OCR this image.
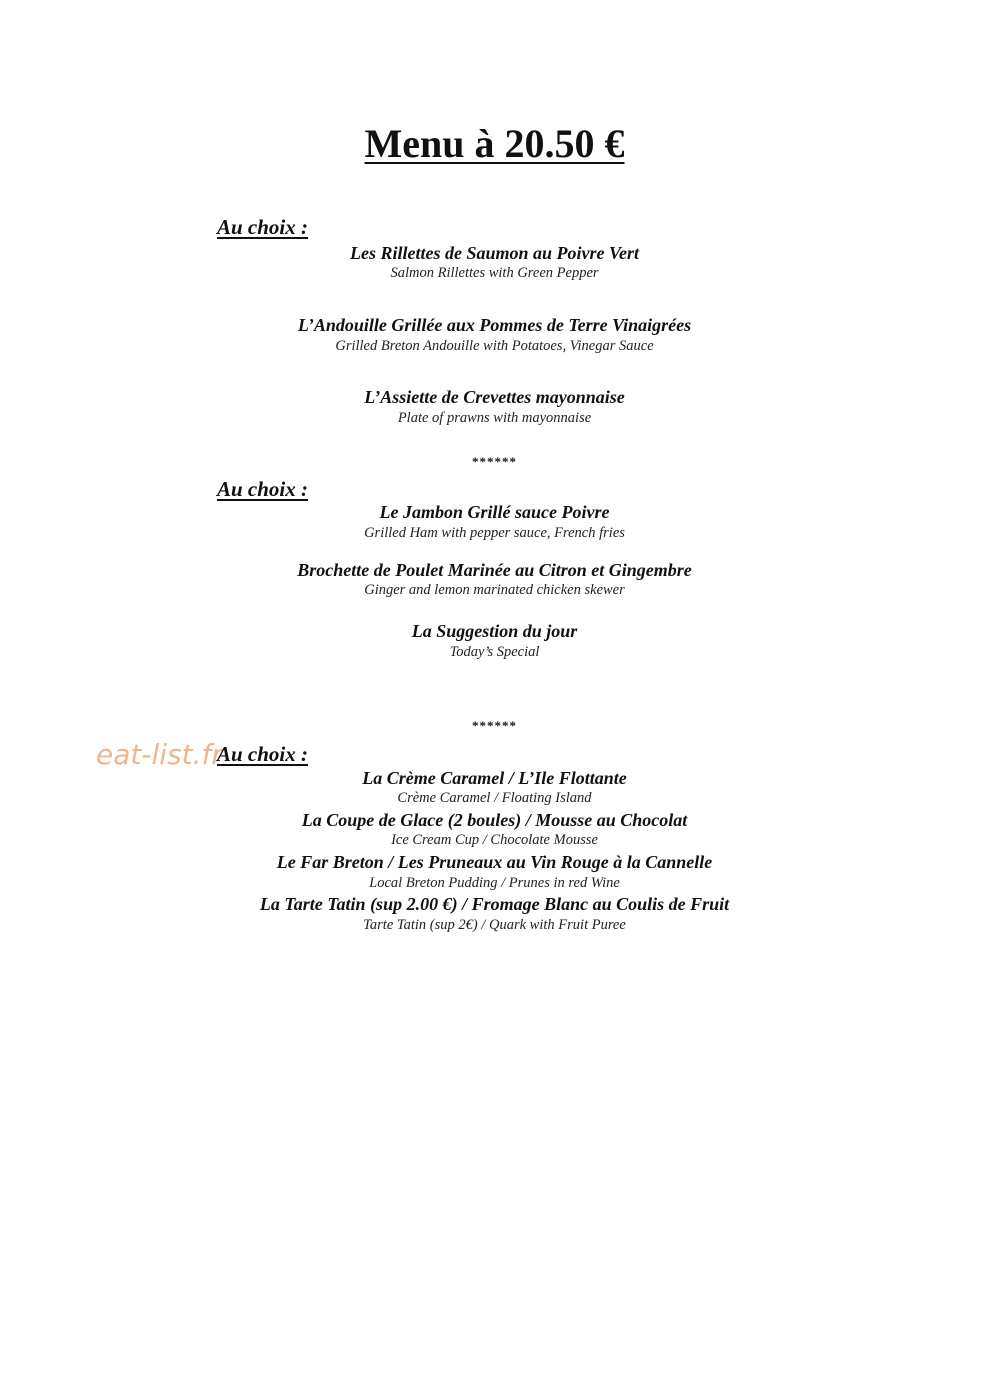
Menu à 20.50 €
Au choix :
Les Rillettes de Saumon au Poivre Vert
Salmon Rillettes with Green Pepper
L’Andouille Grillée aux Pommes de Terre Vinaigrées
Grilled Breton Andouille with Potatoes, Vinegar Sauce
L’Assiette de Crevettes mayonnaise
Plate of prawns with mayonnaise
******
Au choix :
Le Jambon Grillé sauce Poivre
Grilled Ham with pepper sauce, French fries
Brochette de Poulet Marinée au Citron et Gingembre
Ginger and lemon marinated chicken skewer
La Suggestion du jour
Today’s Special
******
eat-list.fr
Au choix :
La Crème Caramel / L’Ile Flottante
Crème Caramel / Floating Island
La Coupe de Glace (2 boules) / Mousse au Chocolat
Ice Cream Cup / Chocolate Mousse
Le Far Breton / Les Pruneaux au Vin Rouge à la Cannelle
Local Breton Pudding / Prunes in red Wine
La Tarte Tatin (sup 2.00 €) / Fromage Blanc au Coulis de Fruit
Tarte Tatin (sup 2€) / Quark with Fruit Puree
